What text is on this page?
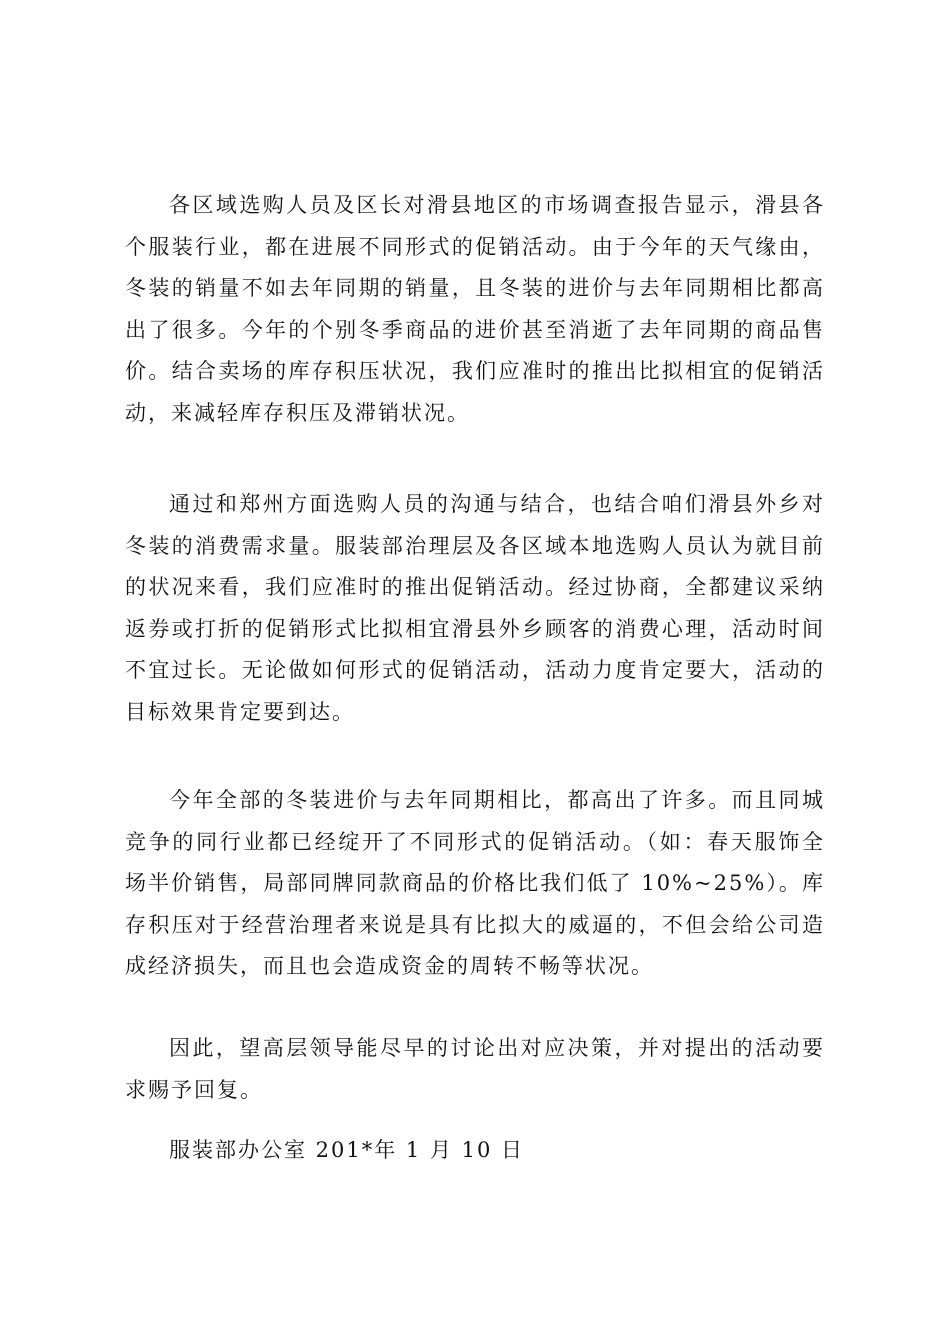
各区域选购人员及区长对滑县地区的市场调查报告显示，滑县各个服装行业，都在进展不同形式的促销活动。由于今年的天气缘由，冬装的销量不如去年同期的销量，且冬装的进价与去年同期相比都高出了很多。今年的个别冬季商品的进价甚至消逝了去年同期的商品售价。结合卖场的库存积压状况，我们应准时的推出比拟相宜的促销活动，来减轻库存积压及滞销状况。

通过和郑州方面选购人员的沟通与结合，也结合咱们滑县外乡对冬装的消费需求量。服装部治理层及各区域本地选购人员认为就目前的状况来看，我们应准时的推出促销活动。经过协商，全都建议采纳返券或打折的促销形式比拟相宜滑县外乡顾客的消费心理，活动时间不宜过长。无论做如何形式的促销活动，活动力度肯定要大，活动的目标效果肯定要到达。

今年全部的冬装进价与去年同期相比，都高出了许多。而且同城竞争的同行业都已经绽开了不同形式的促销活动。（如：春天服饰全场半价销售，局部同牌同款商品的价格比我们低了 10%~25%）。库存积压对于经营治理者来说是具有比拟大的威逼的，不但会给公司造成经济损失，而且也会造成资金的周转不畅等状况。

因此，望高层领导能尽早的讨论出对应决策，并对提出的活动要求赐予回复。

服装部办公室 201*年 1 月 10 日
